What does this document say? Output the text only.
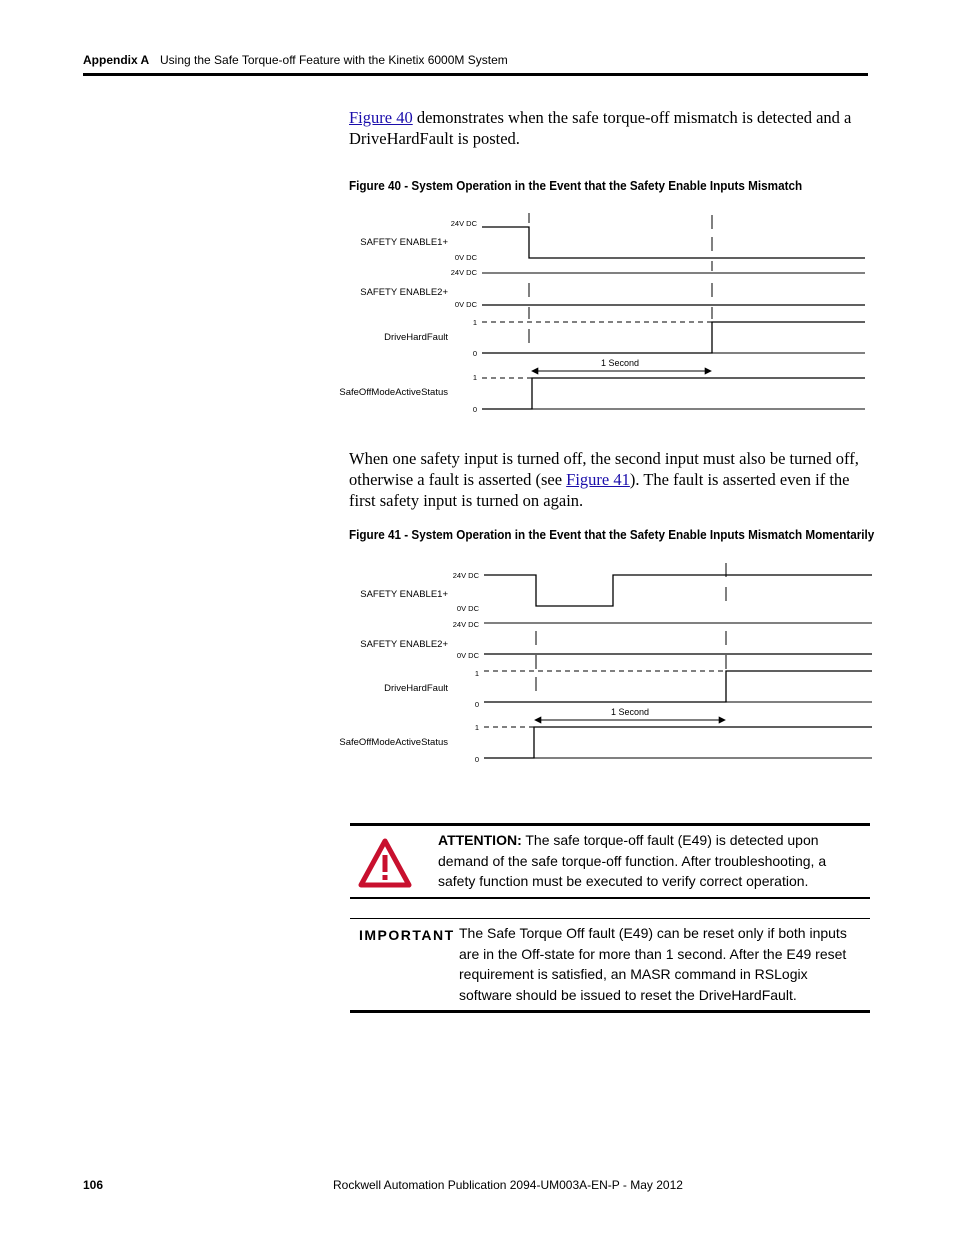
Appendix A Using the Safe Torque-off Feature with the Kinetix 6000M System

Figure 40 demonstrates when the safe torque-off mismatch is detected and a DriveHardFault is posted.

Figure 40 - System Operation in the Event that the Safety Enable Inputs Mismatch
SAFETY ENABLE1+
SAFETY ENABLE2+
DriveHardFault
SafeOffModeActiveStatus
24V DC
0V DC
24V DC
0V DC
1
0
1
0
1 Second

When one safety input is turned off, the second input must also be turned off, otherwise a fault is asserted (see Figure 41). The fault is asserted even if the first safety input is turned on again.

Figure 41 - System Operation in the Event that the Safety Enable Inputs Mismatch Momentarily
SAFETY ENABLE1+
SAFETY ENABLE2+
DriveHardFault
SafeOffModeActiveStatus
24V DC
0V DC
24V DC
0V DC
1
0
1
0
1 Second
ATTENTION: The safe torque-off fault (E49) is detected upon demand of the safe torque-off function. After troubleshooting, a safety function must be executed to verify correct operation.
IMPORTANT The Safe Torque Off fault (E49) can be reset only if both inputs are in the Off-state for more than 1 second. After the E49 reset requirement is satisfied, an MASR command in RSLogix software should be issued to reset the DriveHardFault.
106	Rockwell Automation Publication 2094-UM003A-EN-P - May 2012
